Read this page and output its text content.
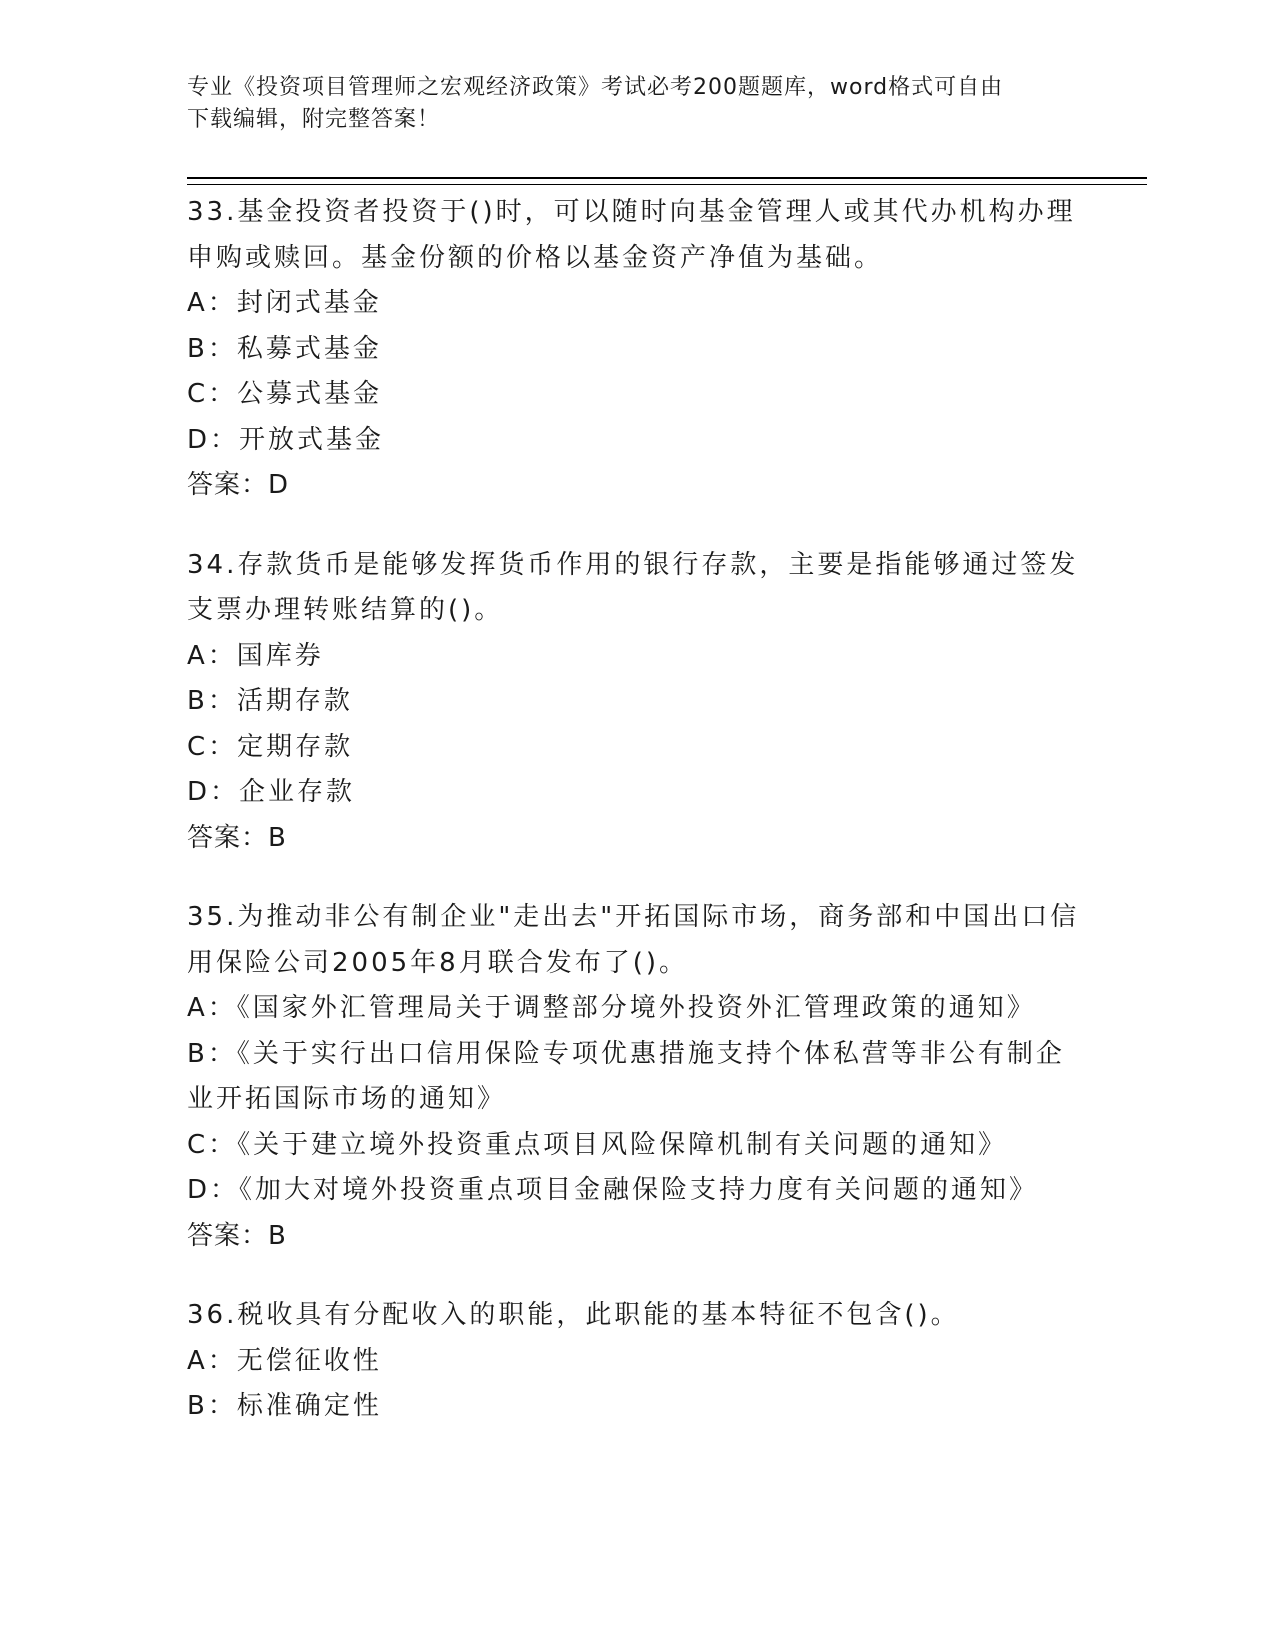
专业《投资项目管理师之宏观经济政策》考试必考200题题库，word格式可自由
下载编辑，附完整答案！
33.基金投资者投资于()时，可以随时向基金管理人或其代办机构办理
申购或赎回。基金份额的价格以基金资产净值为基础。
A：封闭式基金
B：私募式基金
C：公募式基金
D：开放式基金
答案：D
34.存款货币是能够发挥货币作用的银行存款，主要是指能够通过签发
支票办理转账结算的()。
A：国库券
B：活期存款
C：定期存款
D：企业存款
答案：B
35.为推动非公有制企业"走出去"开拓国际市场，商务部和中国出口信
用保险公司2005年8月联合发布了()。
A：《国家外汇管理局关于调整部分境外投资外汇管理政策的通知》
B：《关于实行出口信用保险专项优惠措施支持个体私营等非公有制企
业开拓国际市场的通知》
C：《关于建立境外投资重点项目风险保障机制有关问题的通知》
D：《加大对境外投资重点项目金融保险支持力度有关问题的通知》
答案：B
36.税收具有分配收入的职能，此职能的基本特征不包含()。
A：无偿征收性
B：标准确定性
